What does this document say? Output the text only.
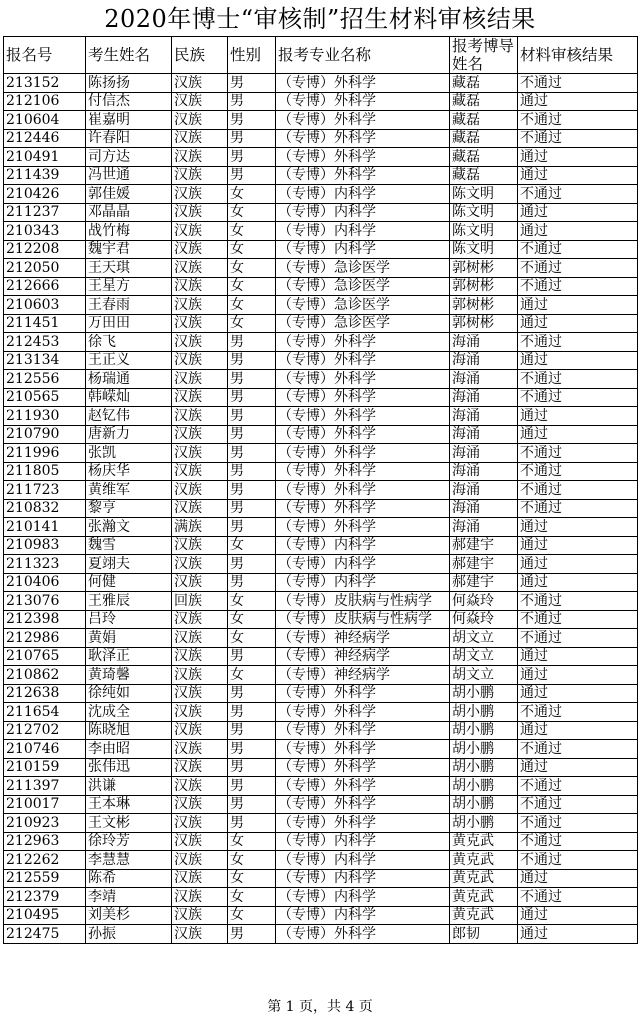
2020年博士“审核制”招生材料审核结果
报名号	考生姓名	民族	性别	报考专业名称	报考博导姓名	材料审核结果
213152	陈扬扬	汉族	男	（专博）外科学	藏磊	不通过
212106	付信杰	汉族	男	（专博）外科学	藏磊	通过
210604	崔嘉明	汉族	男	（专博）外科学	藏磊	不通过
212446	许春阳	汉族	男	（专博）外科学	藏磊	不通过
210491	司方达	汉族	男	（专博）外科学	藏磊	通过
211439	冯世通	汉族	男	（专博）外科学	藏磊	通过
210426	郭佳媛	汉族	女	（专博）内科学	陈文明	不通过
211237	邓晶晶	汉族	女	（专博）内科学	陈文明	通过
210343	战竹梅	汉族	女	（专博）内科学	陈文明	通过
212208	魏宇君	汉族	女	（专博）内科学	陈文明	不通过
212050	王天琪	汉族	女	（专博）急诊医学	郭树彬	不通过
212666	王星方	汉族	女	（专博）急诊医学	郭树彬	不通过
210603	王春雨	汉族	女	（专博）急诊医学	郭树彬	通过
211451	万田田	汉族	女	（专博）急诊医学	郭树彬	通过
212453	徐飞	汉族	男	（专博）外科学	海涌	不通过
213134	王正义	汉族	男	（专博）外科学	海涌	通过
212556	杨瑞通	汉族	男	（专博）外科学	海涌	不通过
210565	韩嵘灿	汉族	男	（专博）外科学	海涌	不通过
211930	赵钇伟	汉族	男	（专博）外科学	海涌	通过
210790	唐新力	汉族	男	（专博）外科学	海涌	通过
211996	张凯	汉族	男	（专博）外科学	海涌	不通过
211805	杨庆华	汉族	男	（专博）外科学	海涌	不通过
211723	黄维军	汉族	男	（专博）外科学	海涌	不通过
210832	黎亨	汉族	男	（专博）外科学	海涌	不通过
210141	张瀚文	满族	男	（专博）外科学	海涌	通过
210983	魏雪	汉族	女	（专博）内科学	郝建宇	通过
211323	夏翊夫	汉族	男	（专博）内科学	郝建宇	通过
210406	何健	汉族	男	（专博）内科学	郝建宇	通过
213076	王雅辰	回族	女	（专博）皮肤病与性病学	何焱玲	不通过
212398	吕玲	汉族	女	（专博）皮肤病与性病学	何焱玲	不通过
212986	黄娟	汉族	女	（专博）神经病学	胡文立	不通过
210765	耿泽正	汉族	男	（专博）神经病学	胡文立	通过
210862	黄琦馨	汉族	女	（专博）神经病学	胡文立	通过
212638	徐纯如	汉族	男	（专博）外科学	胡小鹏	通过
211654	沈成全	汉族	男	（专博）外科学	胡小鹏	不通过
212702	陈晓旭	汉族	男	（专博）外科学	胡小鹏	通过
210746	李由昭	汉族	男	（专博）外科学	胡小鹏	不通过
210159	张伟迅	汉族	男	（专博）外科学	胡小鹏	通过
211397	洪谦	汉族	男	（专博）外科学	胡小鹏	不通过
210017	王本琳	汉族	男	（专博）外科学	胡小鹏	不通过
210923	王文彬	汉族	男	（专博）外科学	胡小鹏	不通过
212963	徐玲芳	汉族	女	（专博）内科学	黄克武	不通过
212262	李慧慧	汉族	女	（专博）内科学	黄克武	不通过
212559	陈希	汉族	女	（专博）内科学	黄克武	通过
212379	李靖	汉族	女	（专博）内科学	黄克武	不通过
210495	刘美杉	汉族	女	（专博）内科学	黄克武	通过
212475	孙振	汉族	男	（专博）外科学	郎韧	通过
第 1 页，共 4 页
